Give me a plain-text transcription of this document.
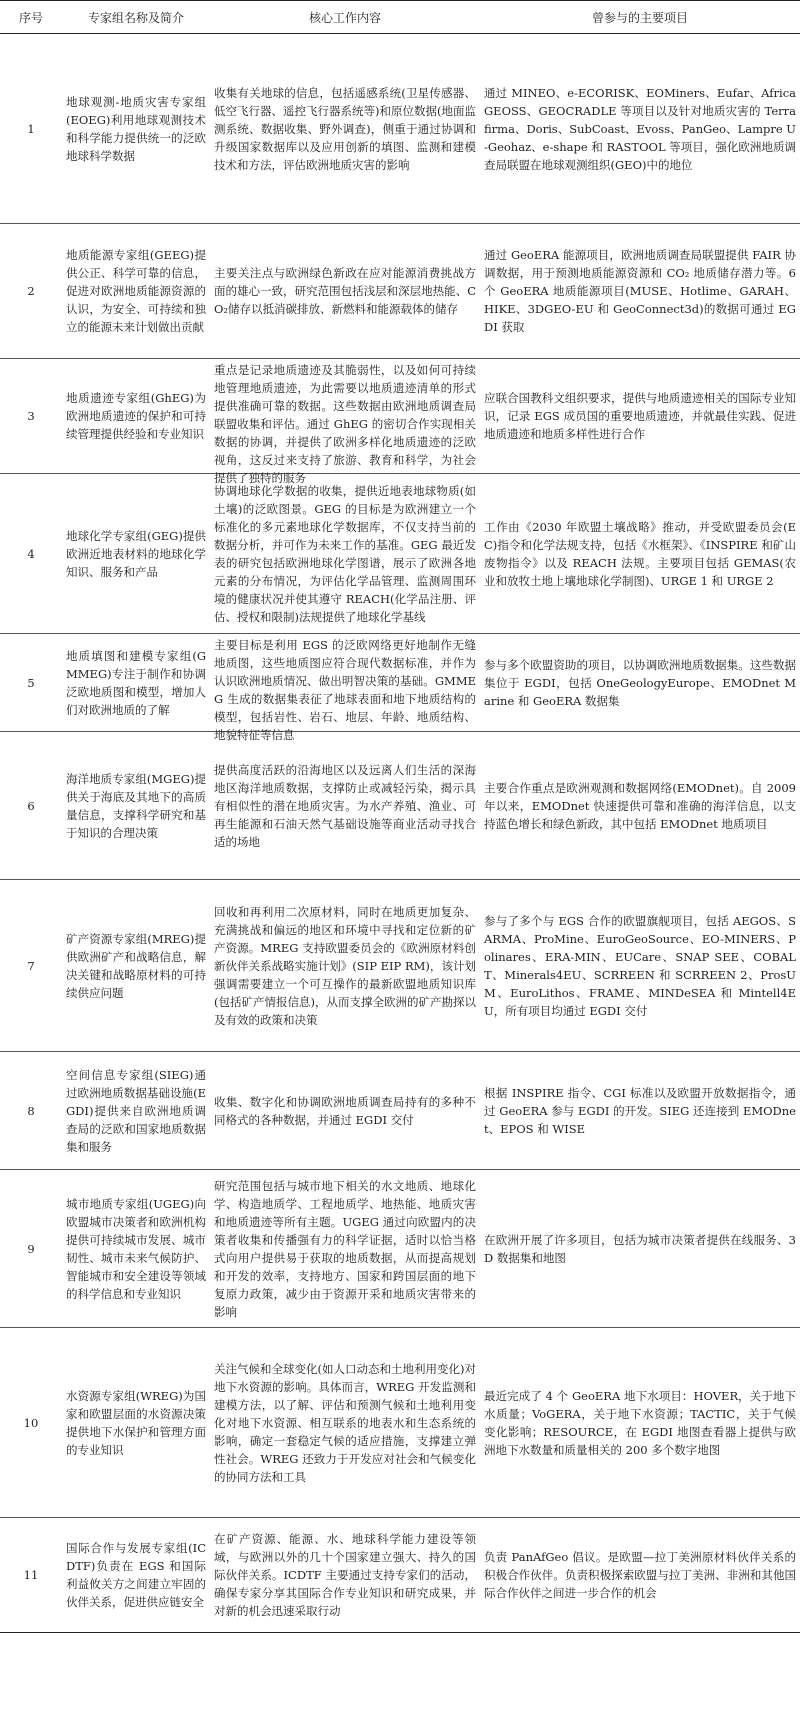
序号	专家组名称及简介	核心工作内容	曾参与的主要项目

1	地球观测-地质灾害专家组(EOEG)利用地球观测技术和科学能力提供统一的泛欧地球科学数据	收集有关地球的信息，包括遥感系统(卫星传感器、低空飞行器、遥控飞行器系统等)和原位数据(地面监测系统、数据收集、野外调查)，侧重于通过协调和升级国家数据库以及应用创新的填图、监测和建模技术和方法，评估欧洲地质灾害的影响	通过 MINEO、e-ECORISK、EOMiners、Eufar、AfricaGEOSS、GEOCRADLE 等项目以及针对地质灾害的 Terrafirma、Doris、SubCoast、Evoss、PanGeo、Lampre U-Geohaz、e-shape 和 RASTOOL 等项目，强化欧洲地质调查局联盟在地球观测组织(GEO)中的地位

2	地质能源专家组(GEEG)提供公正、科学可靠的信息，促进对欧洲地质能源资源的认识，为安全、可持续和独立的能源未来计划做出贡献	主要关注点与欧洲绿色新政在应对能源消费挑战方面的雄心一致，研究范围包括浅层和深层地热能、CO₂储存以抵消碳排放、新燃料和能源载体的储存	通过 GeoERA 能源项目，欧洲地质调查局联盟提供 FAIR 协调数据，用于预测地质能源资源和 CO₂ 地质储存潜力等。6 个 GeoERA 地质能源项目(MUSE、Hotlime、GARAH、HIKE、3DGEO-EU 和 GeoConnect3d)的数据可通过 EGDI 获取

3	地质遗迹专家组(GhEG)为欧洲地质遗迹的保护和可持续管理提供经验和专业知识	重点是记录地质遗迹及其脆弱性，以及如何可持续地管理地质遗迹，为此需要以地质遗迹清单的形式提供准确可靠的数据。这些数据由欧洲地质调查局联盟收集和评估。通过 GhEG 的密切合作实现相关数据的协调，并提供了欧洲多样化地质遗迹的泛欧视角，这反过来支持了旅游、教育和科学，为社会提供了独特的服务	应联合国教科文组织要求，提供与地质遗迹相关的国际专业知识，记录 EGS 成员国的重要地质遗迹，并就最佳实践、促进地质遗迹和地质多样性进行合作

4	地球化学专家组(GEG)提供欧洲近地表材料的地球化学知识、服务和产品	协调地球化学数据的收集，提供近地表地球物质(如土壤)的泛欧图景。GEG 的目标是为欧洲建立一个标准化的多元素地球化学数据库，不仅支持当前的数据分析，并可作为未来工作的基准。GEG 最近发表的研究包括欧洲地球化学图谱，展示了欧洲各地元素的分布情况，为评估化学品管理、监测周围环境的健康状况并使其遵守 REACH(化学品注册、评估、授权和限制)法规提供了地球化学基线	工作由《2030 年欧盟土壤战略》推动，并受欧盟委员会(EC)指令和化学法规支持，包括《水框架》、《INSPIRE 和矿山废物指令》以及 REACH 法规。主要项目包括 GEMAS(农业和放牧土地上壤地球化学制图)、URGE 1 和 URGE 2

5	地质填图和建模专家组(GMMEG)专注于制作和协调泛欧地质图和模型，增加人们对欧洲地质的了解	主要目标是利用 EGS 的泛欧网络更好地制作无缝地质图，这些地质图应符合现代数据标准，并作为认识欧洲地质情况、做出明智决策的基础。GMMEG 生成的数据集表征了地球表面和地下地质结构的模型，包括岩性、岩石、地层、年龄、地质结构、地貌特征等信息	参与多个欧盟资助的项目，以协调欧洲地质数据集。这些数据集位于 EGDI，包括 OneGeologyEurope、EMODnet Marine 和 GeoERA 数据集

6	海洋地质专家组(MGEG)提供关于海底及其地下的高质量信息，支撑科学研究和基于知识的合理决策	提供高度活跃的沿海地区以及远离人们生活的深海地区海洋地质数据，支撑防止或减轻污染，揭示具有相似性的潜在地质灾害。为水产养殖、渔业、可再生能源和石油天然气基础设施等商业活动寻找合适的场地	主要合作重点是欧洲观测和数据网络(EMODnet)。自 2009 年以来，EMODnet 快速提供可靠和准确的海洋信息，以支持蓝色增长和绿色新政，其中包括 EMODnet 地质项目

7	矿产资源专家组(MREG)提供欧洲矿产和战略信息，解决关键和战略原材料的可持续供应问题	回收和再利用二次原材料，同时在地质更加复杂、充满挑战和偏远的地区和环境中寻找和定位新的矿产资源。MREG 支持欧盟委员会的《欧洲原材料创新伙伴关系战略实施计划》(SIP EIP RM)，该计划强调需要建立一个可互操作的最新欧盟地质知识库(包括矿产情报信息)，从而支撑全欧洲的矿产勘探以及有效的政策和决策	参与了多个与 EGS 合作的欧盟旗舰项目，包括 AEGOS、SARMA、ProMine、EuroGeoSource、EO-MINERS、Polinares、ERA-MIN、EUCare、SNAP SEE、COBALT、Minerals4EU、SCRREEN 和 SCRREEN 2、ProsUM、EuroLithos、FRAME、MINDeSEA 和 Mintell4EU，所有项目均通过 EGDI 交付

8	空间信息专家组(SIEG)通过欧洲地质数据基础设施(EGDI)提供来自欧洲地质调查局的泛欧和国家地质数据集和服务	收集、数字化和协调欧洲地质调查局持有的多种不同格式的各种数据，并通过 EGDI 交付	根据 INSPIRE 指令、CGI 标准以及欧盟开放数据指令，通过 GeoERA 参与 EGDI 的开发。SIEG 还连接到 EMODnet、EPOS 和 WISE

9	城市地质专家组(UGEG)向欧盟城市决策者和欧洲机构提供可持续城市发展、城市韧性、城市未来气候防护、智能城市和安全建设等领域的科学信息和专业知识	研究范围包括与城市地下相关的水文地质、地球化学、构造地质学、工程地质学、地热能、地质灾害和地质遗迹等所有主题。UGEG 通过向欧盟内的决策者收集和传播强有力的科学证据，适时以恰当格式向用户提供易于获取的地质数据，从而提高规划和开发的效率，支持地方、国家和跨国层面的地下复原力政策，减少由于资源开采和地质灾害带来的影响	在欧洲开展了许多项目，包括为城市决策者提供在线服务、3D 数据集和地图

10	水资源专家组(WREG)为国家和欧盟层面的水资源决策提供地下水保护和管理方面的专业知识	关注气候和全球变化(如人口动态和土地利用变化)对地下水资源的影响。具体而言，WREG 开发监测和建模方法，以了解、评估和预测气候和土地利用变化对地下水资源、相互联系的地表水和生态系统的影响，确定一套稳定气候的适应措施，支撑建立弹性社会。WREG 还致力于开发应对社会和气候变化的协同方法和工具	最近完成了 4 个 GeoERA 地下水项目：HOVER，关于地下水质量；VoGERA，关于地下水资源；TACTIC，关于气候变化影响；RESOURCE，在 EGDI 地图查看器上提供与欧洲地下水数量和质量相关的 200 多个数字地图

11	国际合作与发展专家组(ICDTF)负责在 EGS 和国际利益攸关方之间建立牢固的伙伴关系，促进供应链安全	在矿产资源、能源、水、地球科学能力建设等领域，与欧洲以外的几十个国家建立强大、持久的国际伙伴关系。ICDTF 主要通过支持专家们的活动，确保专家分享其国际合作专业知识和研究成果，并对新的机会迅速采取行动	负责 PanAfGeo 倡议。是欧盟—拉丁美洲原材料伙伴关系的积极合作伙伴。负责积极探索欧盟与拉丁美洲、非洲和其他国际合作伙伴之间进一步合作的机会
